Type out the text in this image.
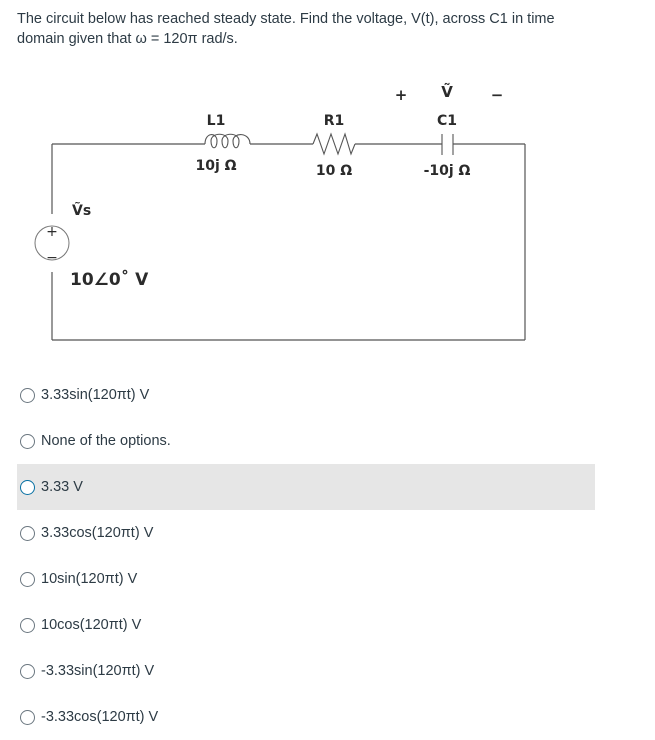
The circuit below has reached steady state. Find the voltage, V(t), across C1 in time
domain given that ω = 120π rad/s.
+
−
Ṽs
10∠0˚ V
L1
10j Ω
R1
10 Ω
C1
-10j Ω
+ Ṽ	−
3.33sin(120πt) V
None of the options.
3.33 V
3.33cos(120πt) V
10sin(120πt) V
10cos(120πt) V
-3.33sin(120πt) V
-3.33cos(120πt) V
